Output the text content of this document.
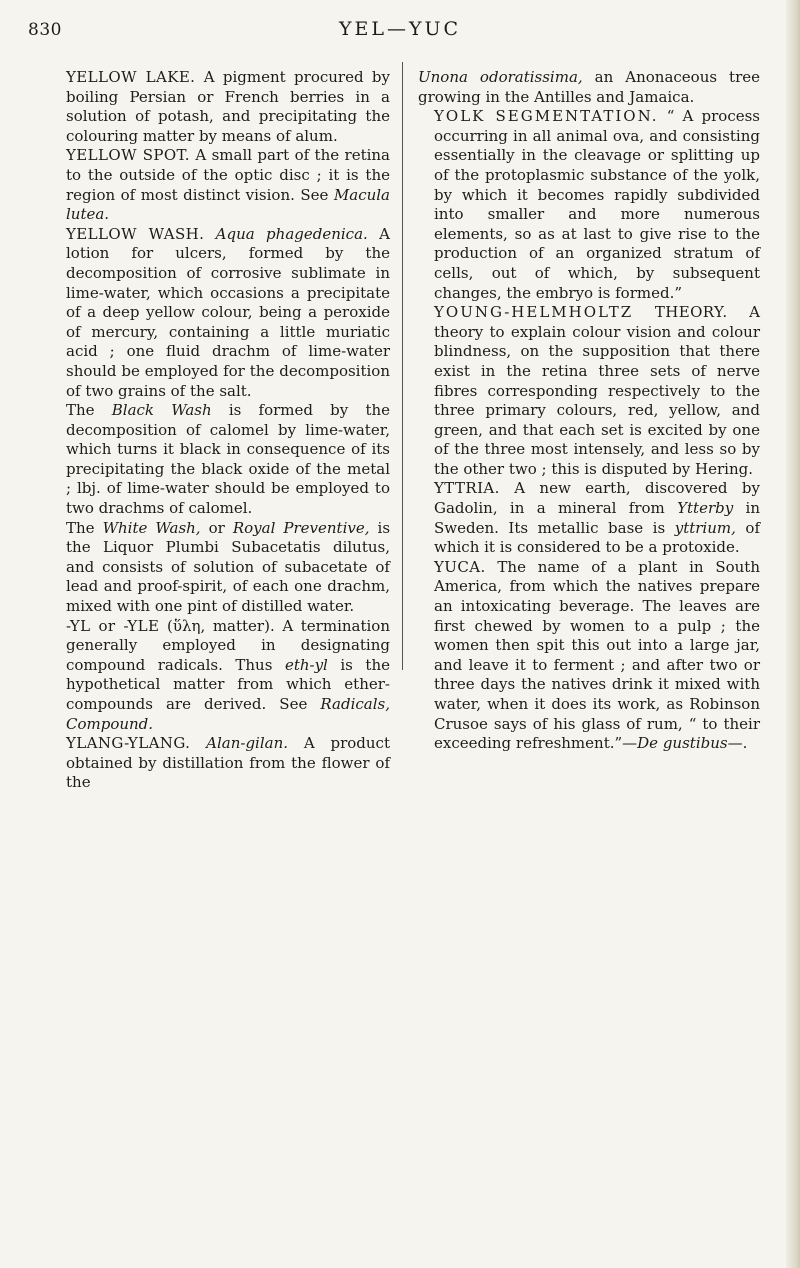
830	YEL—YUC

YELLOW LAKE. A pigment procured by boiling Persian or French berries in a solution of potash, and precipitating the colouring matter by means of alum.

YELLOW SPOT. A small part of the retina to the outside of the optic disc ; it is the region of most distinct vision. See Macula lutea.

YELLOW WASH. Aqua phagedenica. A lotion for ulcers, formed by the decomposition of corrosive sublimate in lime-water, which occasions a precipitate of a deep yellow colour, being a peroxide of mercury, containing a little muriatic acid ; one fluid drachm of lime-water should be employed for the decomposition of two grains of the salt.

The Black Wash is formed by the decomposition of calomel by lime-water, which turns it black in consequence of its precipitating the black oxide of the metal ; lbj. of lime-water should be employed to two drachms of calomel.

The White Wash, or Royal Preventive, is the Liquor Plumbi Subacetatis dilutus, and consists of solution of subacetate of lead and proof-spirit, of each one drachm, mixed with one pint of distilled water.

-YL or -YLE (ὕλη, matter). A termination generally employed in designating compound radicals. Thus eth-yl is the hypothetical matter from which ether-compounds are derived. See Radicals, Compound.

YLANG-YLANG. Alan-gilan. A product obtained by distillation from the flower of the

Unona odoratissima, an Anonaceous tree growing in the Antilles and Jamaica.

YOLK SEGMENTATION. “ A process occurring in all animal ova, and consisting essentially in the cleavage or splitting up of the protoplasmic substance of the yolk, by which it becomes rapidly subdivided into smaller and more numerous elements, so as at last to give rise to the production of an organized stratum of cells, out of which, by subsequent changes, the embryo is formed.”

YOUNG-HELMHOLTZ THEORY. A theory to explain colour vision and colour blindness, on the supposition that there exist in the retina three sets of nerve fibres corresponding respectively to the three primary colours, red, yellow, and green, and that each set is excited by one of the three most intensely, and less so by the other two ; this is disputed by Hering.

YTTRIA. A new earth, discovered by Gadolin, in a mineral from Ytterby in Sweden. Its metallic base is yttrium, of which it is considered to be a protoxide.

YUCA. The name of a plant in South America, from which the natives prepare an intoxicating beverage. The leaves are first chewed by women to a pulp ; the women then spit this out into a large jar, and leave it to ferment ; and after two or three days the natives drink it mixed with water, when it does its work, as Robinson Crusoe says of his glass of rum, “ to their exceeding refreshment.”—De gustibus—.
